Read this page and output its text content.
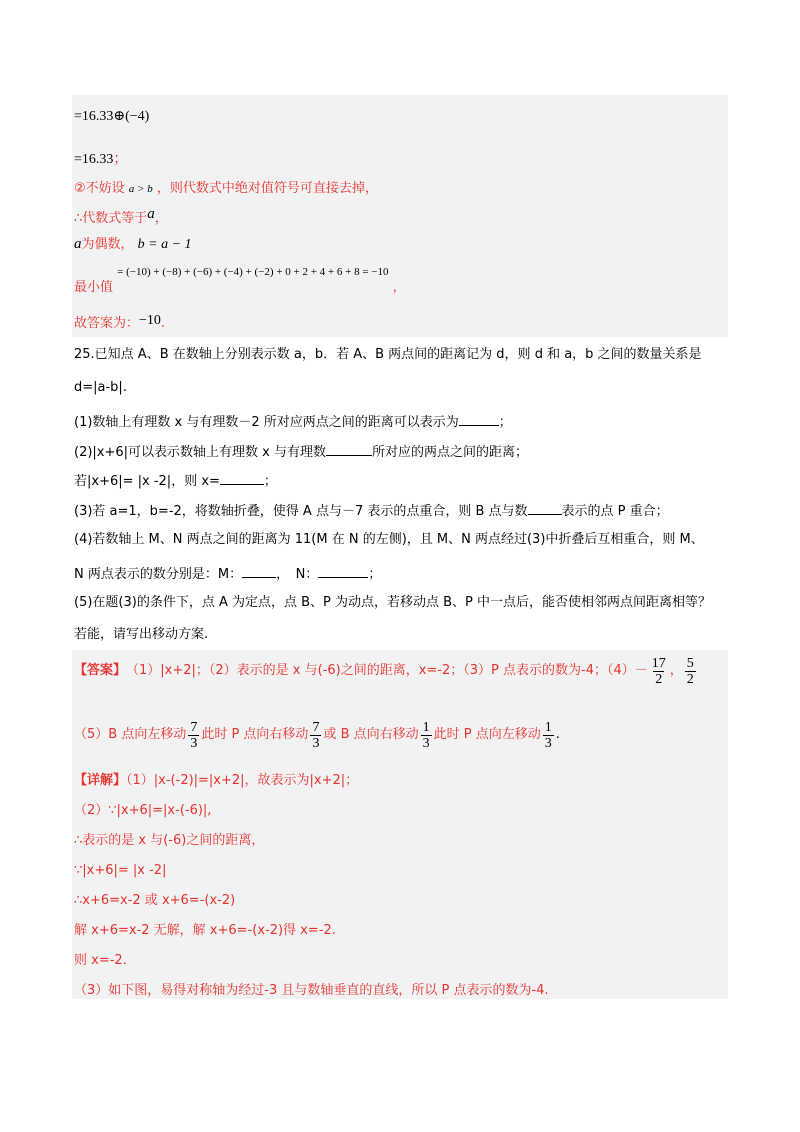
=16.33⊕(−4)
=16.33；
②不妨设 a > b ，则代数式中绝对值符号可直接去掉，
∴代数式等于a，
a为偶数， b = a − 1
最小值 = (−10) + (−8) + (−6) + (−4) + (−2) + 0 + 2 + 4 + 6 + 8 = −10 ，
故答案为：−10.
25.已知点 A、B 在数轴上分别表示数 a，b．若 A、B 两点间的距离记为 d，则 d 和 a，b 之间的数量关系是
d=|a-b|.
(1)数轴上有理数 x 与有理数－2 所对应两点之间的距离可以表示为	；
(2)|x+6|可以表示数轴上有理数 x 与有理数	所对应的两点之间的距离；
若|x+6|= |x -2|，则 x=	；
(3)若 a=1，b=-2，将数轴折叠，使得 A 点与－7 表示的点重合，则 B 点与数	表示的点 P 重合；
(4)若数轴上 M、N 两点之间的距离为 11(M 在 N 的左侧)，且 M、N 两点经过(3)中折叠后互相重合，则 M、
N 两点表示的数分别是：M：	，　N：	；
(5)在题(3)的条件下，点 A 为定点，点 B、P 为动点，若移动点 B、P 中一点后，能否使相邻两点间距离相等？
若能，请写出移动方案.
【答案】 （1）|x+2|；（2）表示的是 x 与(-6)之间的距离，x=-2；（3）P 点表示的数为-4；$(4) - \frac{17}{2}$ ， $\frac{5}{2}$
（5）B 点向左移动 $\frac{7}{3}$ 此时 P 点向右移动 $\frac{7}{3}$ 或 B 点向右移动 $\frac{1}{3}$ 此时 P 点向左移动 $\frac{1}{3}$ .
【详解】（1）|x-(-2)|=|x+2|，故表示为|x+2|；
（2）∵|x+6|=|x-(-6)|,
∴表示的是 x 与(-6)之间的距离，
∵|x+6|= |x -2|
∴x+6=x-2 或 x+6=-(x-2)
解 x+6=x-2 无解，解 x+6=-(x-2)得 x=-2.
则 x=-2.
（3）如下图，易得对称轴为经过-3 且与数轴垂直的直线，所以 P 点表示的数为-4.
